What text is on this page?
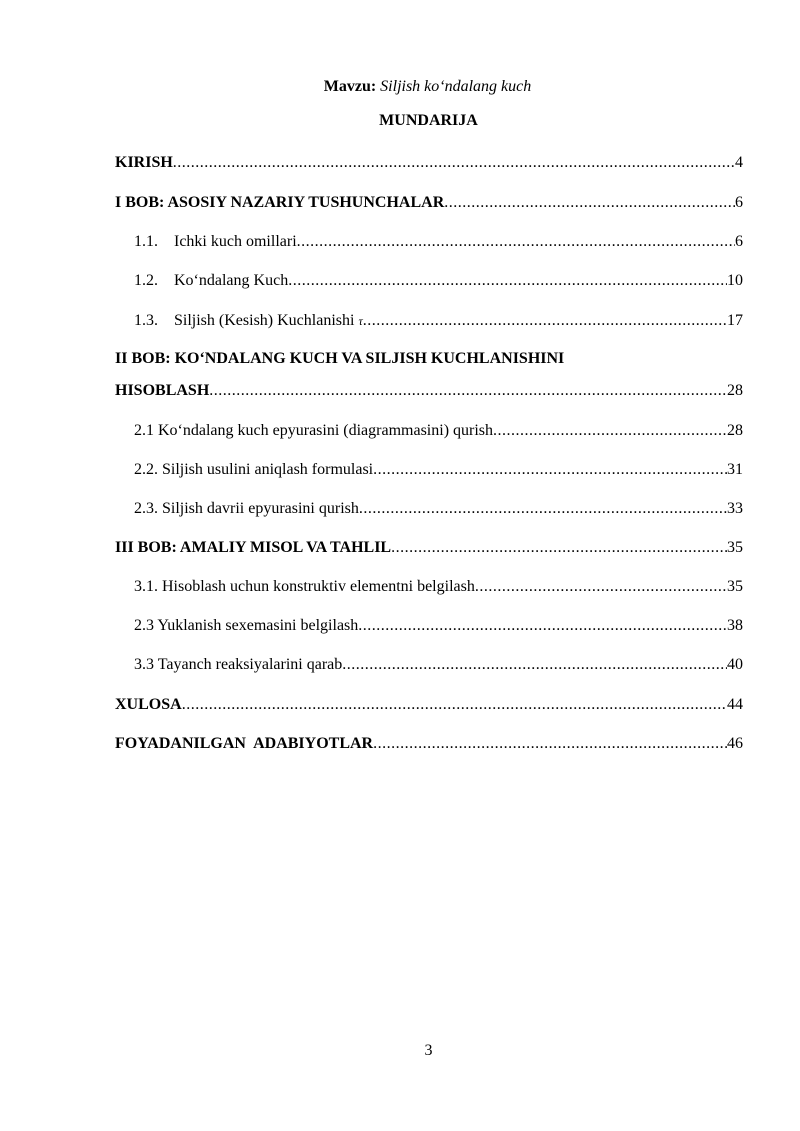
Mavzu: Siljish ko‘ndalang kuch
MUNDARIJA
KIRISH .....	4
I BOB: ASOSIY NAZARIY TUSHUNCHALAR .....	6
1.1. Ichki kuch omillari .....	6
1.2. Ko‘ndalang Kuch .....	10
1.3. Siljish (Kesish) Kuchlanishi τ .....	17
II BOB: KO‘NDALANG KUCH VA SILJISH KUCHLANISHINI
HISOBLASH .....	28
2.1 Ko‘ndalang kuch epyurasini (diagrammasini) qurish .....	28
2.2. Siljish usulini aniqlash formulasi .....	31
2.3. Siljish davrii epyurasini qurish .....	33
III BOB: AMALIY MISOL VA TAHLIL .....	35
3.1. Hisoblash uchun konstruktiv elementni belgilash .....	35
2.3 Yuklanish sexemasini belgilash .....	38
3.3 Tayanch reaksiyalarini qarab .....	40
XULOSA .....	44
FOYADANILGAN  ADABIYOTLAR .....	46
3
